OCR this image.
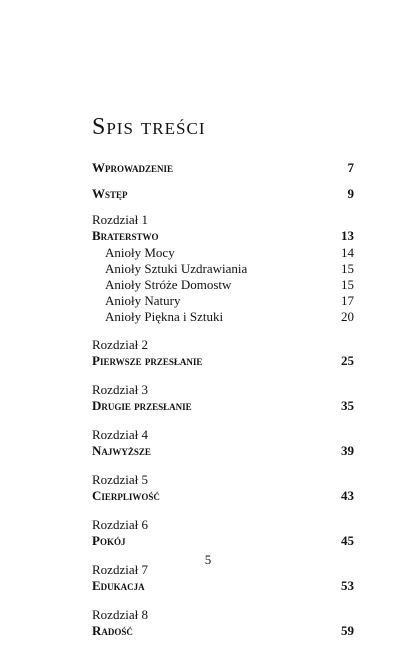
Spis treści
Wprowadzenie	7
Wstęp	9
Rozdział 1
Braterstwo	13
Anioły Mocy	14
Anioły Sztuki Uzdrawiania	15
Anioły Stróże Domostw	15
Anioły Natury	17
Anioły Piękna i Sztuki	20
Rozdział 2
Pierwsze przesłanie	25
Rozdział 3
Drugie przesłanie	35
Rozdział 4
Najwyższe	39
Rozdział 5
Cierpliwość	43
Rozdział 6
Pokój	45
Rozdział 7
Edukacja	53
Rozdział 8
Radość	59
5
